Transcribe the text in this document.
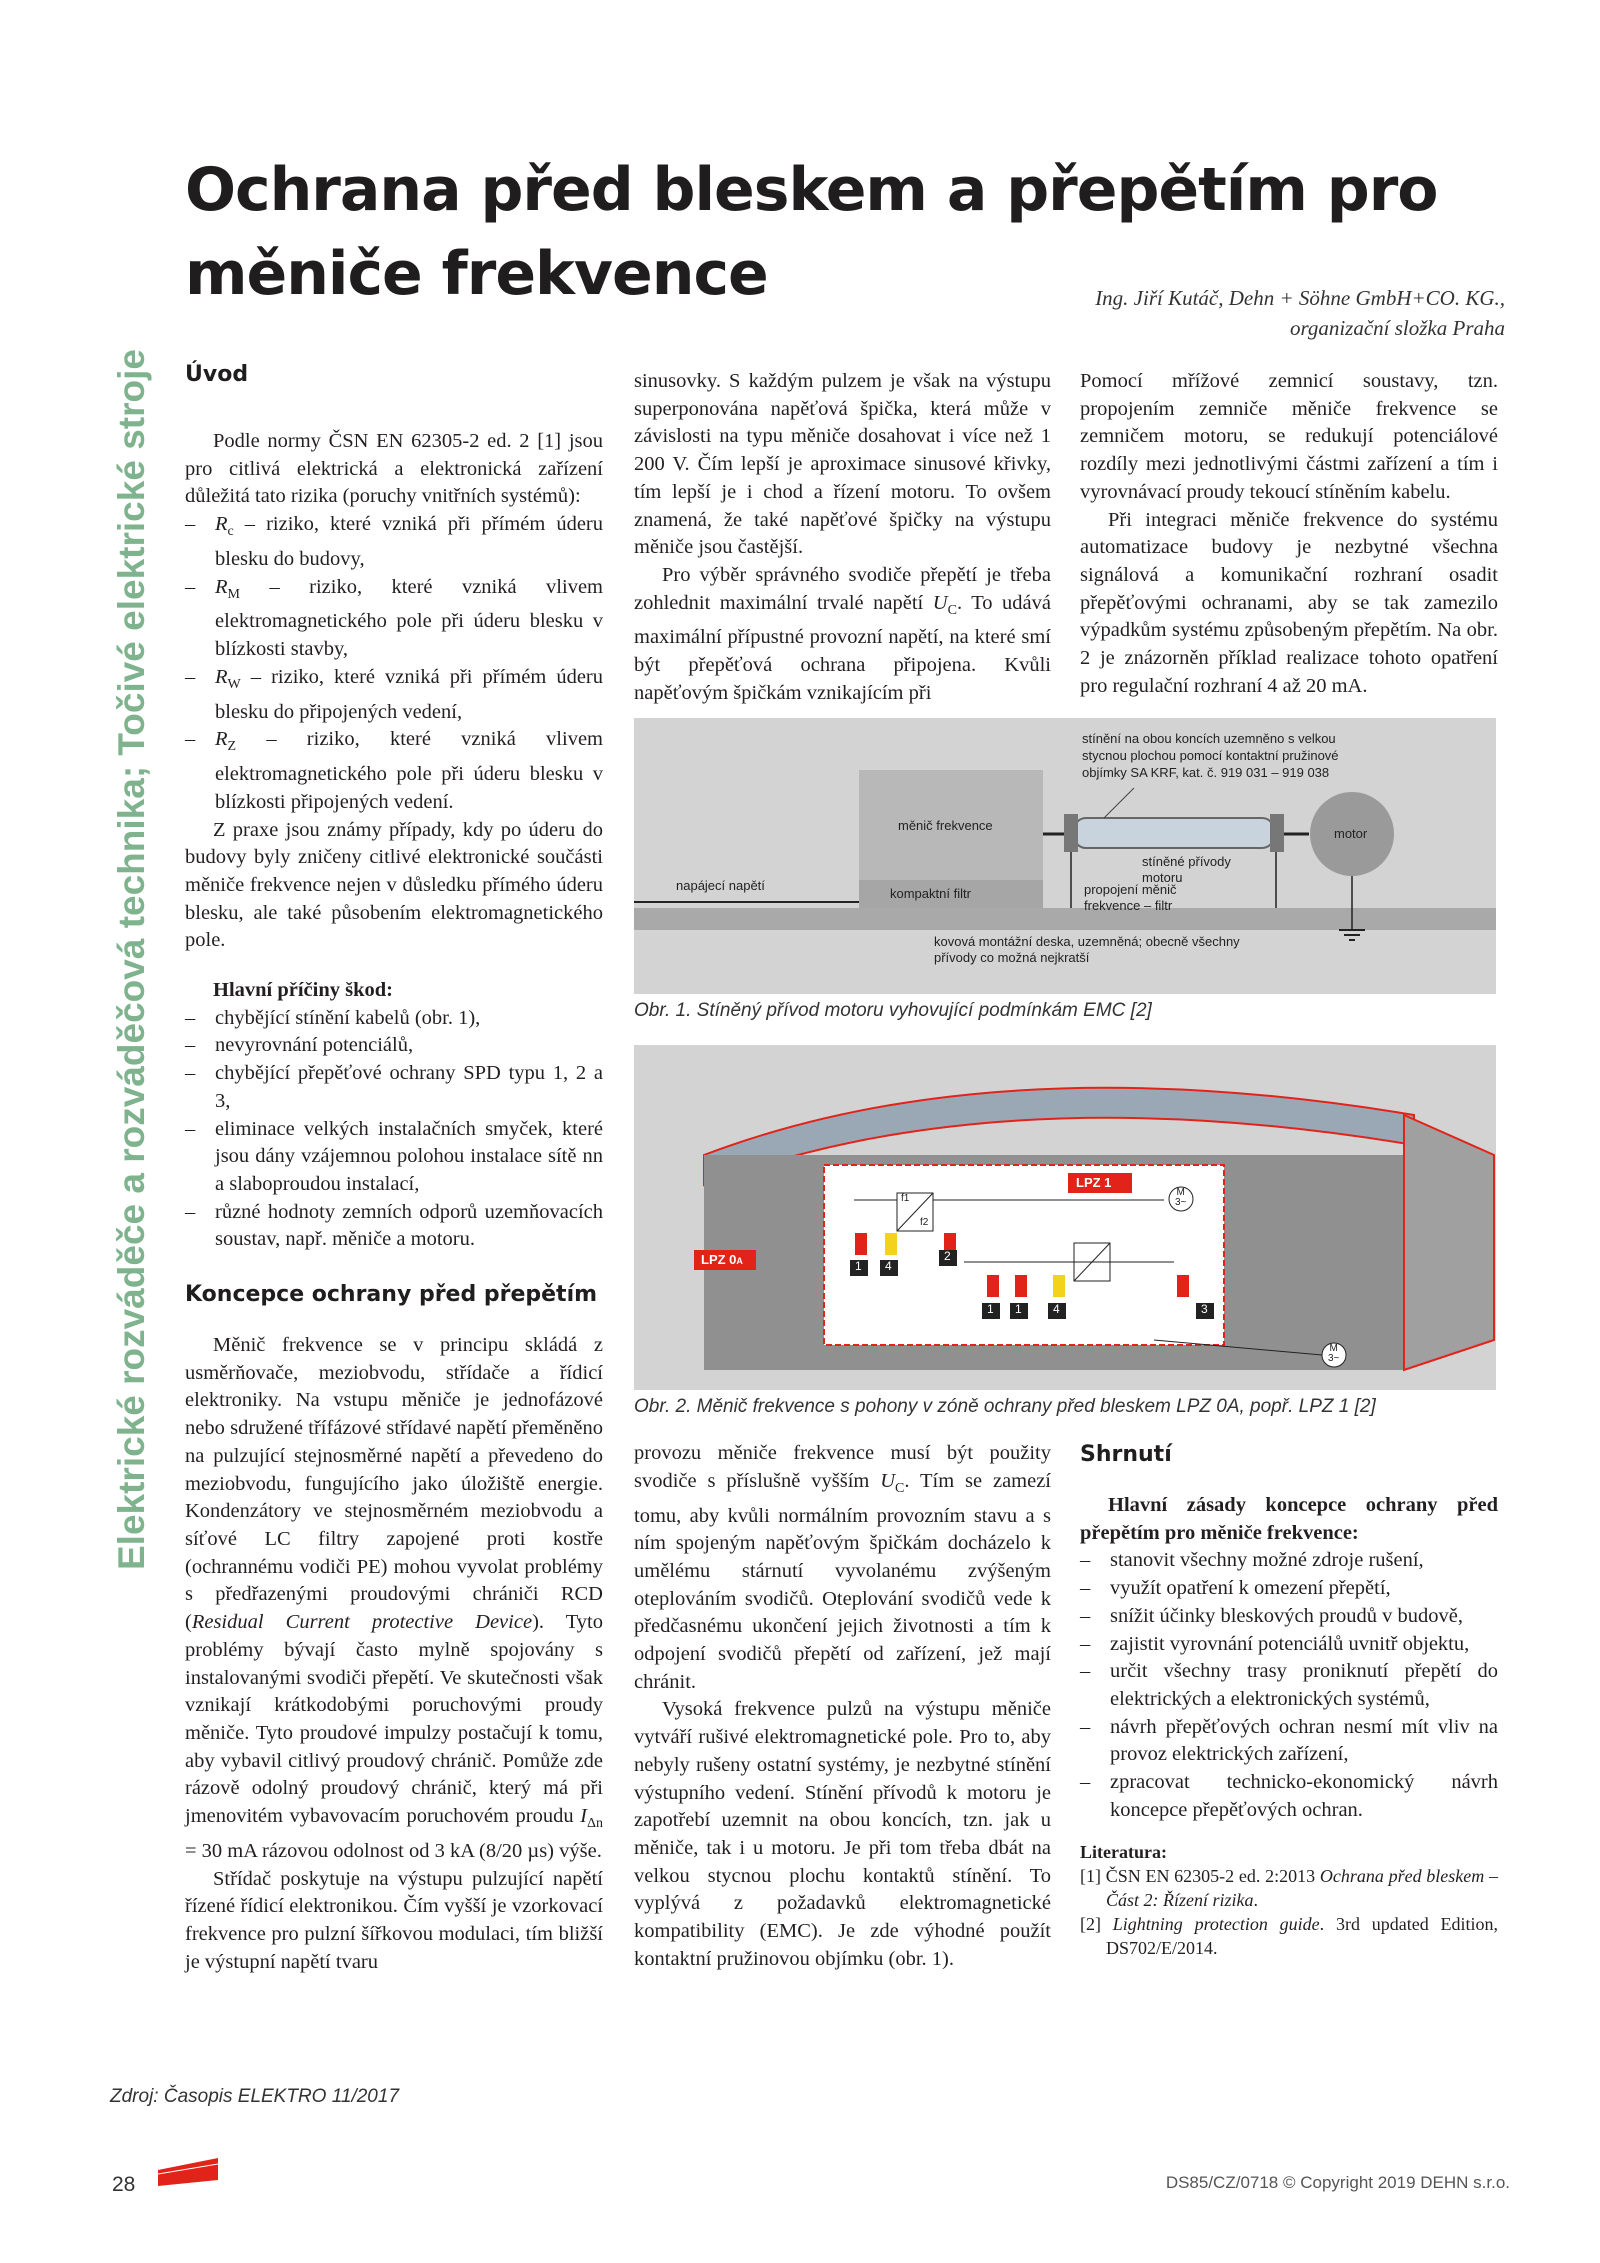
Elektrické rozváděče a rozváděčová technika; Točivé elektrické stroje
Ochrana před bleskem a přepětím pro měniče frekvence	Ing. Jiří Kutáč, Dehn + Söhne GmbH+CO. KG.,
organizační složka Praha
Úvod

Podle normy ČSN EN 62305-2 ed. 2 [1] jsou pro citlivá elektrická a elektronická zařízení důležitá tato rizika (poruchy vnitřních systémů):

– $R_c$ – riziko, které vzniká při přímém úderu blesku do budovy,
– $R_M$ – riziko, které vzniká vlivem elektromagnetického pole při úderu blesku v blízkosti stavby,
– $R_W$ – riziko, které vzniká při přímém úderu blesku do připojených vedení,
– $R_Z$ – riziko, které vzniká vlivem elektromagnetického pole při úderu blesku v blízkosti připojených vedení.

Z praxe jsou známy případy, kdy po úderu do budovy byly zničeny citlivé elektronické součásti měniče frekvence nejen v důsledku přímého úderu blesku, ale také působením elektromagnetického pole.

Hlavní příčiny škod:

– chybějící stínění kabelů (obr. 1),
– nevyrovnání potenciálů,
– chybějící přepěťové ochrany SPD typu 1, 2 a 3,
– eliminace velkých instalačních smyček, které jsou dány vzájemnou polohou instalace sítě nn a slaboproudou instalací,
– různé hodnoty zemních odporů uzemňovacích soustav, např. měniče a motoru.
Koncepce ochrany před přepětím

Měnič frekvence se v principu skládá z usměrňovače, meziobvodu, střídače a řídicí elektroniky. Na vstupu měniče je jednofázové nebo sdružené třífázové střídavé napětí přeměněno na pulzující stejnosměrné napětí a převedeno do meziobvodu, fungujícího jako úložiště energie. Kondenzátory ve stejnosměrném meziobvodu a síťové LC filtry zapojené proti kostře (ochrannému vodiči PE) mohou vyvolat problémy s předřazenými proudovými chrániči RCD (Residual Current protective Device). Tyto problémy bývají často mylně spojovány s instalovanými svodiči přepětí. Ve skutečnosti však vznikají krátkodobými poruchovými proudy měniče. Tyto proudové impulzy postačují k tomu, aby vybavil citlivý proudový chránič. Pomůže zde rázově odolný proudový chránič, který má při jmenovitém vybavovacím poruchovém proudu $I_{\Delta n} = 30$ mA rázovou odolnost od 3 kA (8/20 µs) výše.

Střídač poskytuje na výstupu pulzující napětí řízené řídicí elektronikou. Čím vyšší je vzorkovací frekvence pro pulzní šířkovou modulaci, tím bližší je výstupní napětí tvaru

sinusovky. S každým pulzem je však na výstupu superponována napěťová špička, která může v závislosti na typu měniče dosahovat i více než 1 200 V. Čím lepší je aproximace sinusové křivky, tím lepší je i chod a řízení motoru. To ovšem znamená, že také napěťové špičky na výstupu měniče jsou častější.

Pro výběr správného svodiče přepětí je třeba zohlednit maximální trvalé napětí $U_C$. To udává maximální přípustné provozní napětí, na které smí být přepěťová ochrana připojena. Kvůli napěťovým špičkám vznikajícím při

Pomocí mřížové zemnicí soustavy, tzn. propojením zemniče měniče frekvence se zemničem motoru, se redukují potenciálové rozdíly mezi jednotlivými částmi zařízení a tím i vyrovnávací proudy tekoucí stíněním kabelu.

Při integraci měniče frekvence do systému automatizace budovy je nezbytné všechna signálová a komunikační rozhraní osadit přepěťovými ochranami, aby se tak zamezilo výpadkům systému způsobeným přepětím. Na obr. 2 je znázorněn příklad realizace tohoto opatření pro regulační rozhraní 4 až 20 mA.

stínění na obou koncích uzemněno s velkou stycnou plochou pomocí kontaktní pružinové objímky SA KRF, kat. č. 919 031 – 919 038
měnič frekvence
motor
napájecí napětí
kompaktní filtr
stíněné přívody motoru
propojení měnič frekvence – filtr
kovová montážní deska, uzemněná; obecně všechny přívody co možná nejkratší
Obr. 1. Stíněný přívod motoru vyhovující podmínkám EMC [2]
LPZ 1
LPZ 0A
M
3~
M
3~
f1
f2
1 4
2
1 1	4	3
Obr. 2. Měnič frekvence s pohony v zóně ochrany před bleskem LPZ 0A, popř. LPZ 1 [2]

provozu měniče frekvence musí být použity svodiče s příslušně vyšším $U_C$. Tím se zamezí tomu, aby kvůli normálním provozním stavu a s ním spojeným napěťovým špičkám docházelo k umělému stárnutí vyvolanému zvýšeným oteplováním svodičů. Oteplování svodičů vede k předčasnému ukončení jejich životnosti a tím k odpojení svodičů přepětí od zařízení, jež mají chránit.

Vysoká frekvence pulzů na výstupu měniče vytváří rušivé elektromagnetické pole. Pro to, aby nebyly rušeny ostatní systémy, je nezbytné stínění výstupního vedení. Stínění přívodů k motoru je zapotřebí uzemnit na obou koncích, tzn. jak u měniče, tak i u motoru. Je při tom třeba dbát na velkou stycnou plochu kontaktů stínění. To vyplývá z požadavků elektromagnetické kompatibility (EMC). Je zde výhodné použít kontaktní pružinovou objímku (obr. 1).

Shrnutí

Hlavní zásady koncepce ochrany před přepětím pro měniče frekvence:

– stanovit všechny možné zdroje rušení,
– využít opatření k omezení přepětí,
– snížit účinky bleskových proudů v budově,
– zajistit vyrovnání potenciálů uvnitř objektu,
– určit všechny trasy proniknutí přepětí do elektrických a elektronických systémů,
– návrh přepěťových ochran nesmí mít vliv na provoz elektrických zařízení,
– zpracovat technicko-ekonomický návrh koncepce přepěťových ochran.
Literatura:
[1] ČSN EN 62305-2 ed. 2:2013 Ochrana před bleskem – Část 2: Řízení rizika.
[2] Lightning protection guide. 3rd updated Edition, DS702/E/2014.
Zdroj: Časopis ELEKTRO 11/2017
28	DS85/CZ/0718 © Copyright 2019 DEHN s.r.o.
